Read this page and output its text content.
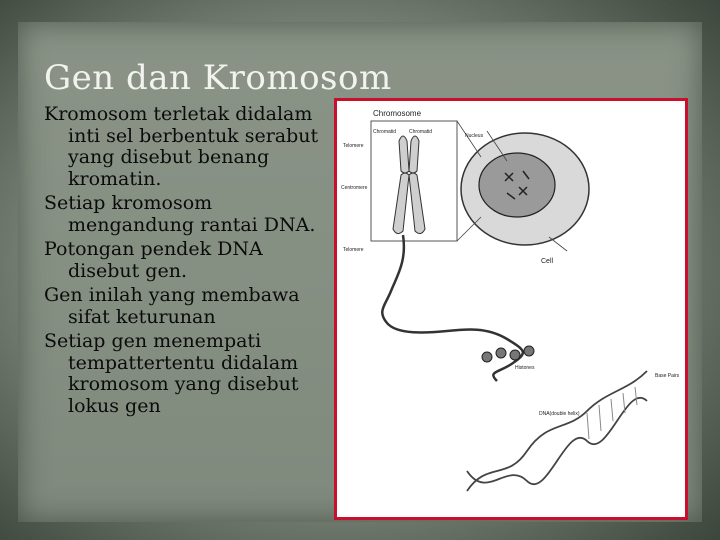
Gen dan Kromosom
Kromosom terletak didalam inti sel berbentuk serabut yang disebut benang kromatin.
Setiap kromosom mengandung rantai DNA.
Potongan pendek DNA disebut gen.
Gen inilah yang membawa sifat keturunan
Setiap gen menempati tempattertentu didalam kromosom yang disebut lokus gen
Chromosome
Chromatid	Chromatid
Telomere
Centromere
Telomere
Nucleus
Cell
Histones
Base Pairs
DNA(double helix)
